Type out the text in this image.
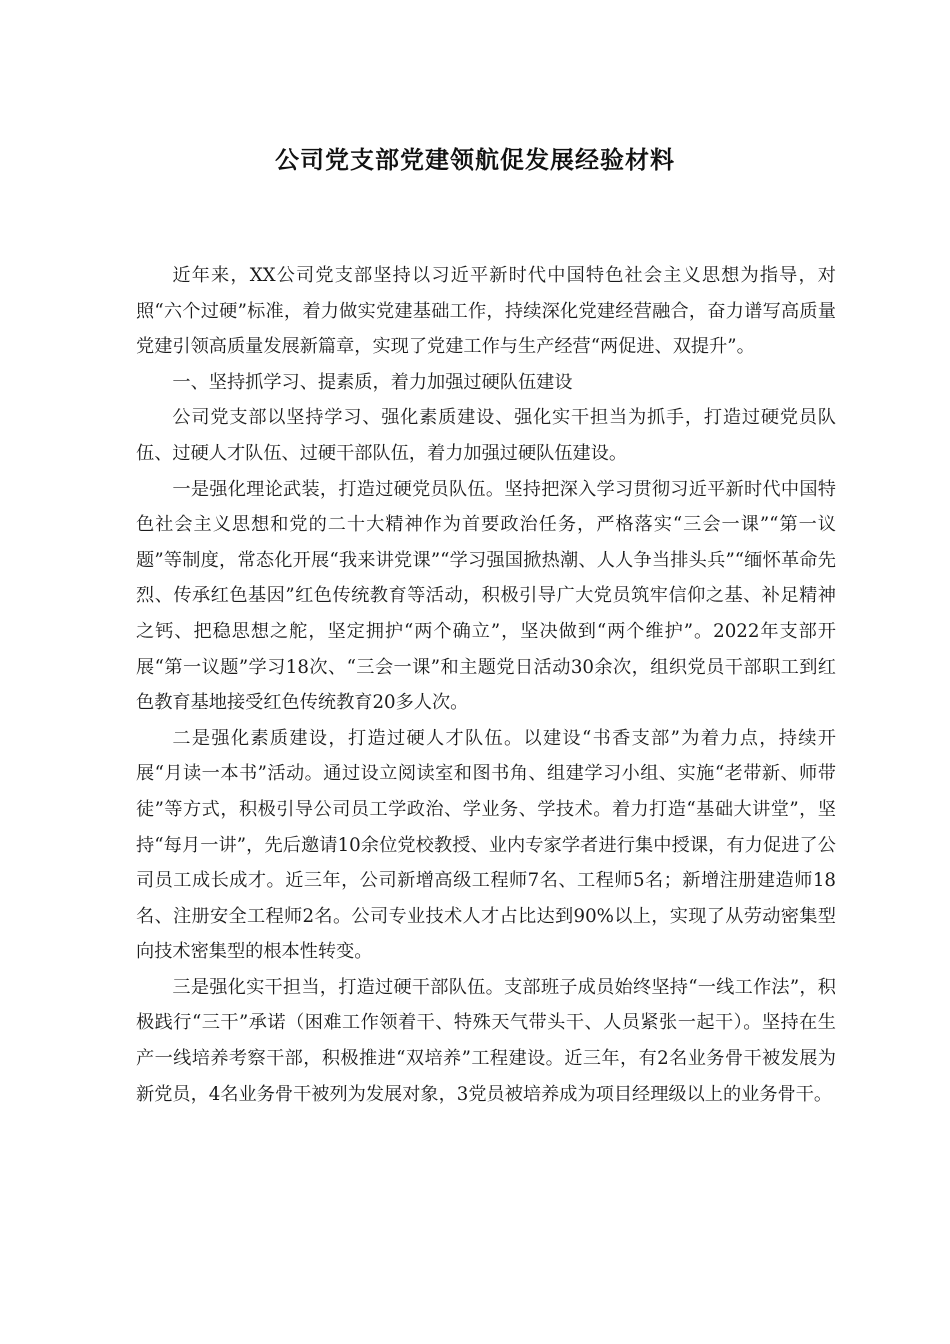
公司党支部党建领航促发展经验材料

近年来，XX公司党支部坚持以习近平新时代中国特色社会主义思想为指导，对照“六个过硬”标准，着力做实党建基础工作，持续深化党建经营融合，奋力谱写高质量党建引领高质量发展新篇章，实现了党建工作与生产经营“两促进、双提升”。

一、坚持抓学习、提素质，着力加强过硬队伍建设

公司党支部以坚持学习、强化素质建设、强化实干担当为抓手，打造过硬党员队伍、过硬人才队伍、过硬干部队伍，着力加强过硬队伍建设。

一是强化理论武装，打造过硬党员队伍。坚持把深入学习贯彻习近平新时代中国特色社会主义思想和党的二十大精神作为首要政治任务，严格落实“三会一课”“第一议题”等制度，常态化开展“我来讲党课”“学习强国掀热潮、人人争当排头兵”“缅怀革命先烈、传承红色基因”红色传统教育等活动，积极引导广大党员筑牢信仰之基、补足精神之钙、把稳思想之舵，坚定拥护“两个确立”，坚决做到“两个维护”。2022年支部开展“第一议题”学习18次、“三会一课”和主题党日活动30余次，组织党员干部职工到红色教育基地接受红色传统教育20多人次。

二是强化素质建设，打造过硬人才队伍。以建设“书香支部”为着力点，持续开展“月读一本书”活动。通过设立阅读室和图书角、组建学习小组、实施“老带新、师带徒”等方式，积极引导公司员工学政治、学业务、学技术。着力打造“基础大讲堂”，坚持“每月一讲”，先后邀请10余位党校教授、业内专家学者进行集中授课，有力促进了公司员工成长成才。近三年，公司新增高级工程师7名、工程师5名；新增注册建造师18名、注册安全工程师2名。公司专业技术人才占比达到90%以上，实现了从劳动密集型向技术密集型的根本性转变。

三是强化实干担当，打造过硬干部队伍。支部班子成员始终坚持“一线工作法”，积极践行“三干”承诺（困难工作领着干、特殊天气带头干、人员紧张一起干）。坚持在生产一线培养考察干部，积极推进“双培养”工程建设。近三年，有2名业务骨干被发展为新党员，4名业务骨干被列为发展对象，3党员被培养成为项目经理级以上的业务骨干。
